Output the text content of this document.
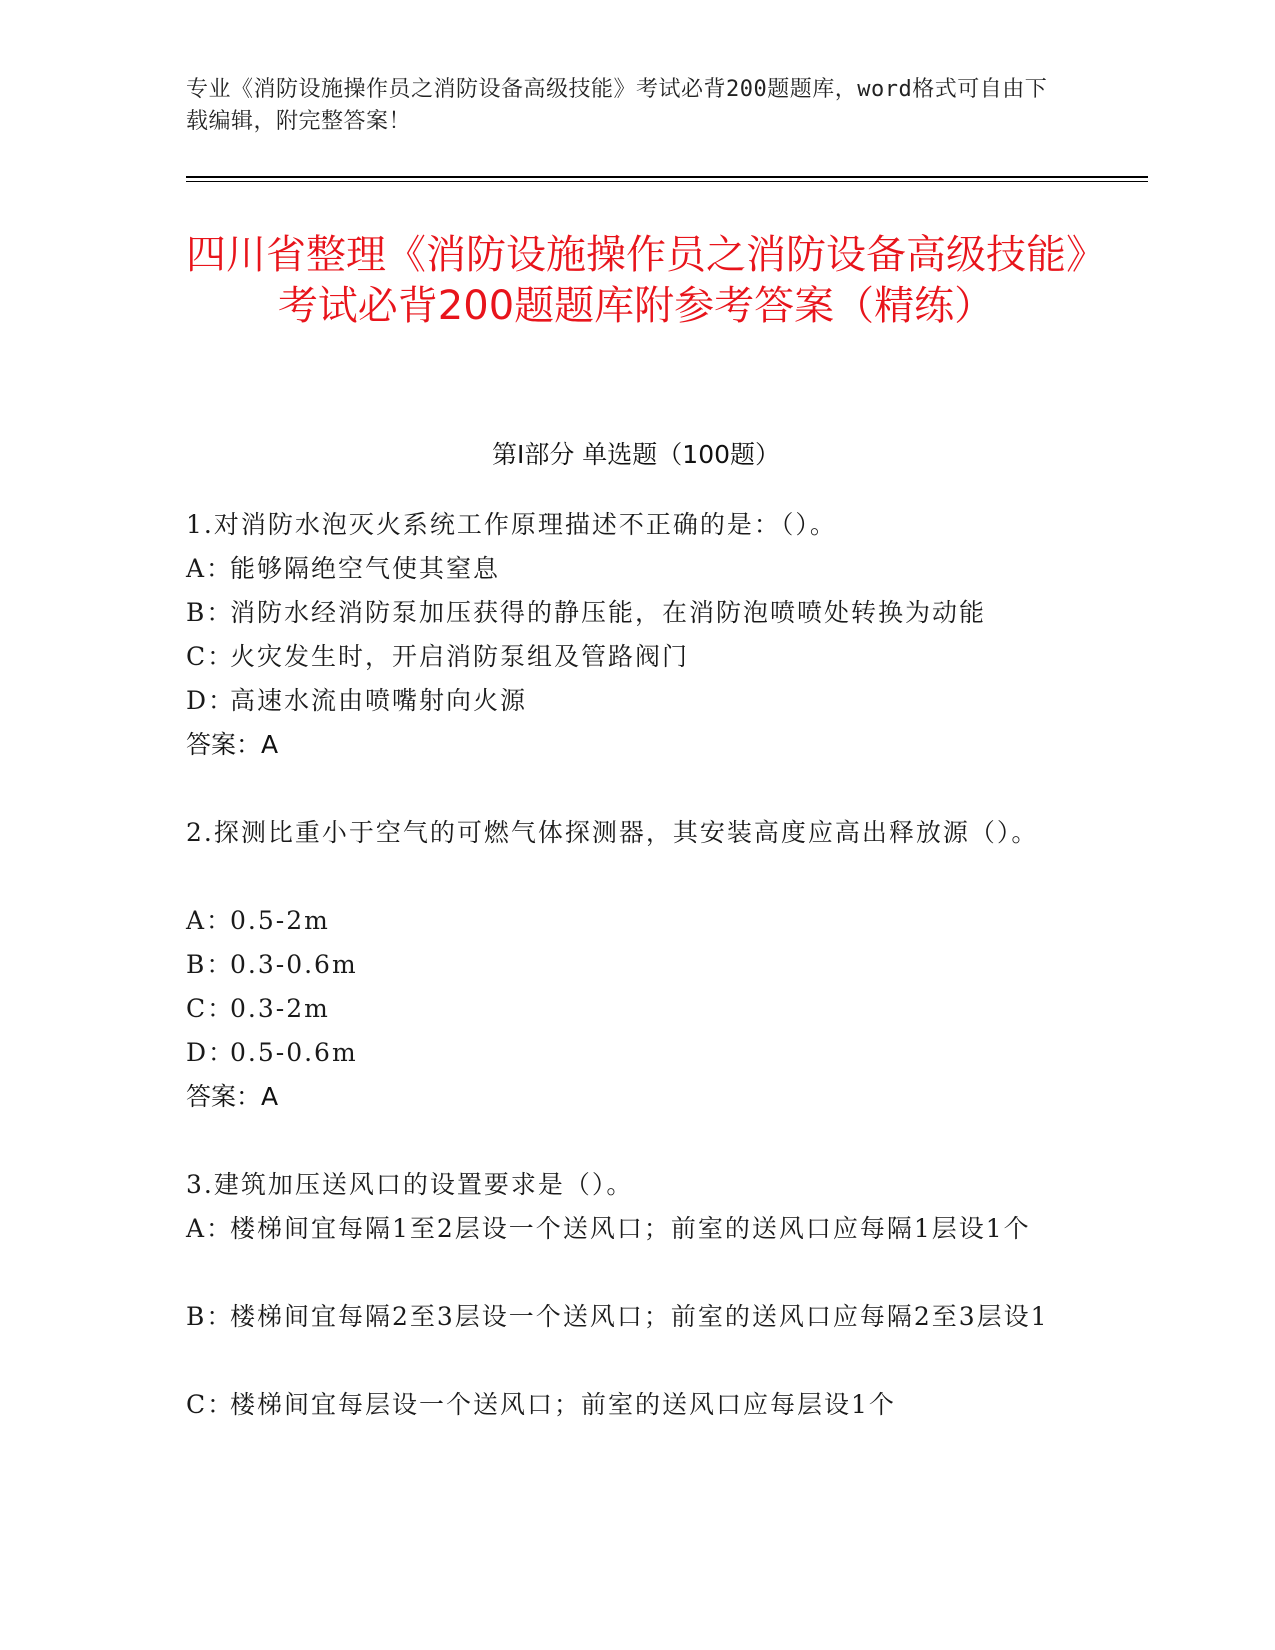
专业《消防设施操作员之消防设备高级技能》考试必背200题题库，word格式可自由下载编辑，附完整答案！
四川省整理《消防设施操作员之消防设备高级技能》考试必背200题题库附参考答案（精练）
第I部分 单选题（100题）
1.对消防水泡灭火系统工作原理描述不正确的是：（）。
A：能够隔绝空气使其窒息
B：消防水经消防泵加压获得的静压能，在消防泡喷喷处转换为动能
C：火灾发生时，开启消防泵组及管路阀门
D：高速水流由喷嘴射向火源
答案：A
2.探测比重小于空气的可燃气体探测器，其安装高度应高出释放源（）。
A：0.5-2m
B：0.3-0.6m
C：0.3-2m
D：0.5-0.6m
答案：A
3.建筑加压送风口的设置要求是（）。
A：楼梯间宜每隔1至2层设一个送风口；前室的送风口应每隔1层设1个
B：楼梯间宜每隔2至3层设一个送风口；前室的送风口应每隔2至3层设1
C：楼梯间宜每层设一个送风口；前室的送风口应每层设1个
